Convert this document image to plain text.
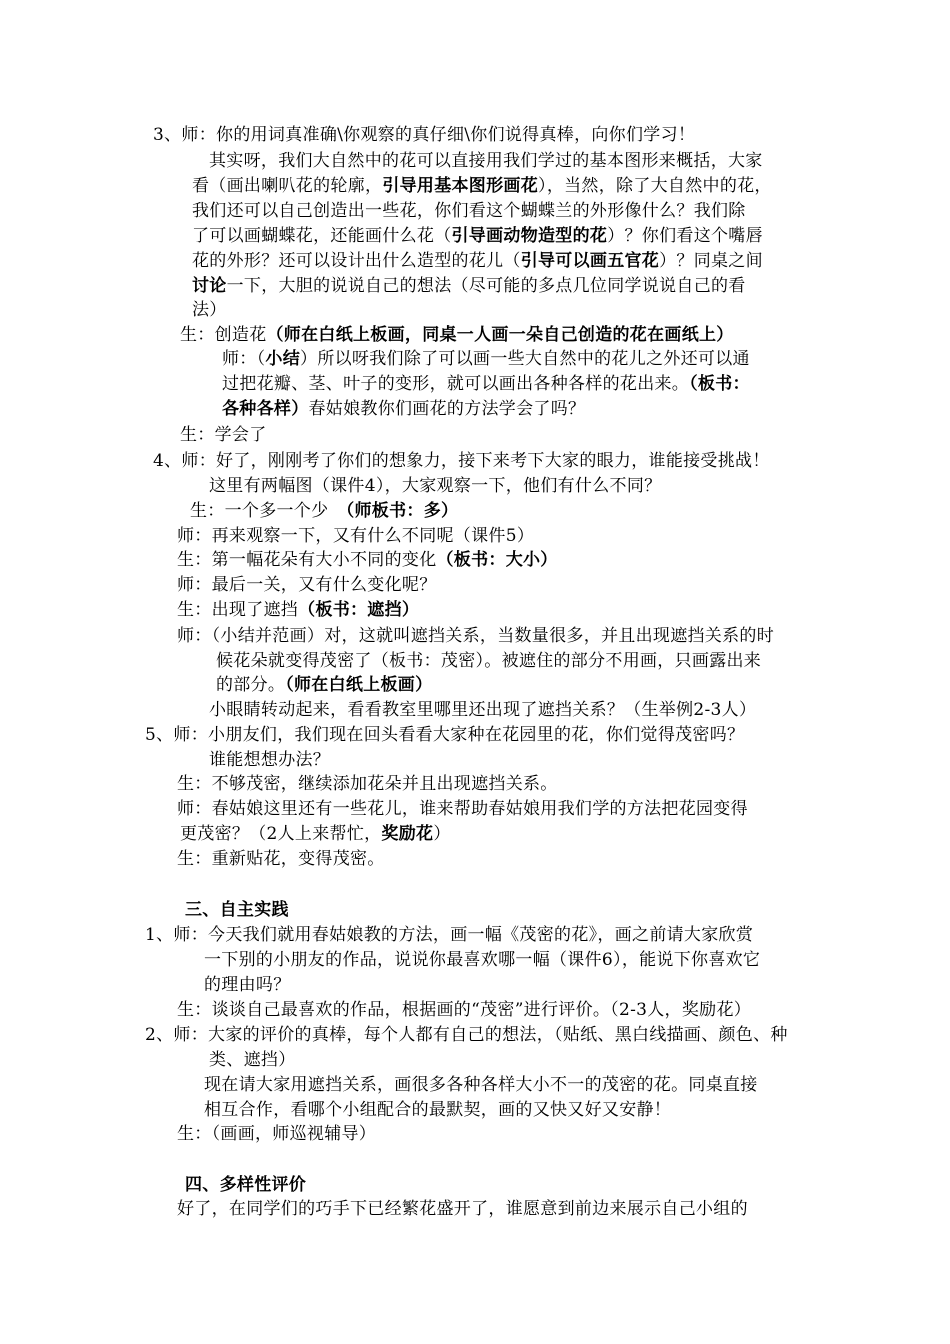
3、师：你的用词真准确\你观察的真仔细\你们说得真棒，向你们学习！
其实呀，我们大自然中的花可以直接用我们学过的基本图形来概括，大家
看（画出喇叭花的轮廓，引导用基本图形画花），当然，除了大自然中的花，
我们还可以自己创造出一些花，你们看这个蝴蝶兰的外形像什么？我们除
了可以画蝴蝶花，还能画什么花（引导画动物造型的花）？你们看这个嘴唇
花的外形？还可以设计出什么造型的花儿（引导可以画五官花）？同桌之间
讨论一下，大胆的说说自己的想法（尽可能的多点几位同学说说自己的看
法）
生：创造花（师在白纸上板画，同桌一人画一朵自己创造的花在画纸上）
师：（小结）所以呀我们除了可以画一些大自然中的花儿之外还可以通
过把花瓣、茎、叶子的变形，就可以画出各种各样的花出来。（板书：
各种各样）春姑娘教你们画花的方法学会了吗？
生：学会了
4、师：好了，刚刚考了你们的想象力，接下来考下大家的眼力，谁能接受挑战！
这里有两幅图（课件4），大家观察一下，他们有什么不同？
生：一个多一个少　（师板书：多）
师：再来观察一下，又有什么不同呢（课件5）
生：第一幅花朵有大小不同的变化（板书：大小）
师：最后一关，又有什么变化呢？
生：出现了遮挡（板书：遮挡）
师：（小结并范画）对，这就叫遮挡关系，当数量很多，并且出现遮挡关系的时
候花朵就变得茂密了（板书：茂密）。被遮住的部分不用画，只画露出来
的部分。（师在白纸上板画）
小眼睛转动起来，看看教室里哪里还出现了遮挡关系？（生举例2-3人）
5、师：小朋友们，我们现在回头看看大家种在花园里的花，你们觉得茂密吗？
谁能想想办法？
生：不够茂密，继续添加花朵并且出现遮挡关系。
师：春姑娘这里还有一些花儿，谁来帮助春姑娘用我们学的方法把花园变得
更茂密？（2人上来帮忙，奖励花）
生：重新贴花，变得茂密。
三、自主实践
1、师：今天我们就用春姑娘教的方法，画一幅《茂密的花》，画之前请大家欣赏
一下别的小朋友的作品，说说你最喜欢哪一幅（课件6），能说下你喜欢它
的理由吗？
生：谈谈自己最喜欢的作品，根据画的“茂密”进行评价。（2-3人，奖励花）
2、师：大家的评价的真棒，每个人都有自己的想法，（贴纸、黑白线描画、颜色、种
类、遮挡）
现在请大家用遮挡关系，画很多各种各样大小不一的茂密的花。同桌直接
相互合作，看哪个小组配合的最默契，画的又快又好又安静！
生：（画画，师巡视辅导）
四、多样性评价
好了，在同学们的巧手下已经繁花盛开了，谁愿意到前边来展示自己小组的
